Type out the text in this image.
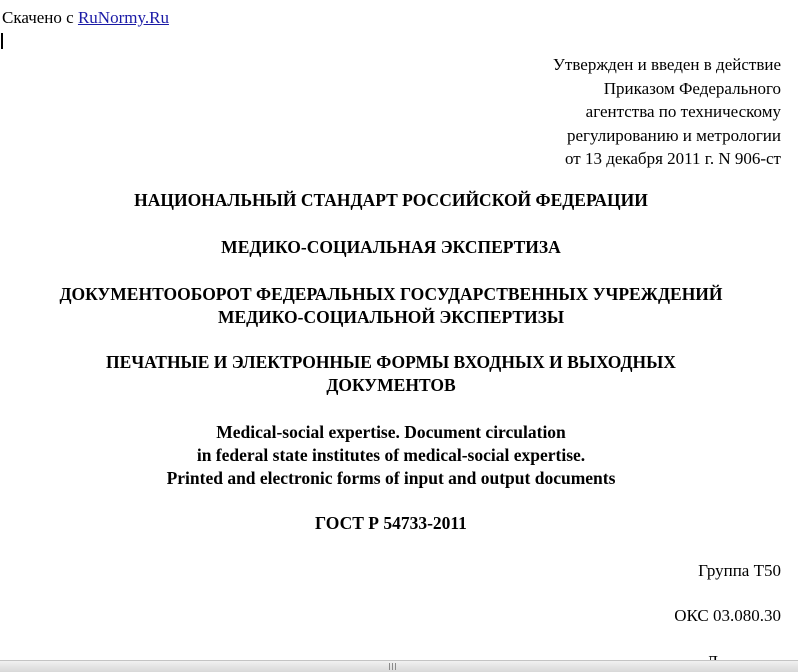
Скачено с RuNormy.Ru
Утвержден и введен в действие
Приказом Федерального
агентства по техническому
регулированию и метрологии
от 13 декабря 2011 г. N 906-ст
НАЦИОНАЛЬНЫЙ СТАНДАРТ РОССИЙСКОЙ ФЕДЕРАЦИИ
МЕДИКО-СОЦИАЛЬНАЯ ЭКСПЕРТИЗА
ДОКУМЕНТООБОРОТ ФЕДЕРАЛЬНЫХ ГОСУДАРСТВЕННЫХ УЧРЕЖДЕНИЙ
МЕДИКО-СОЦИАЛЬНОЙ ЭКСПЕРТИЗЫ
ПЕЧАТНЫЕ И ЭЛЕКТРОННЫЕ ФОРМЫ ВХОДНЫХ И ВЫХОДНЫХ
ДОКУМЕНТОВ
Medical-social expertise. Document circulation
in federal state institutes of medical-social expertise.
Printed and electronic forms of input and output documents
ГОСТ Р 54733-2011
Группа Т50
ОКС 03.080.30
